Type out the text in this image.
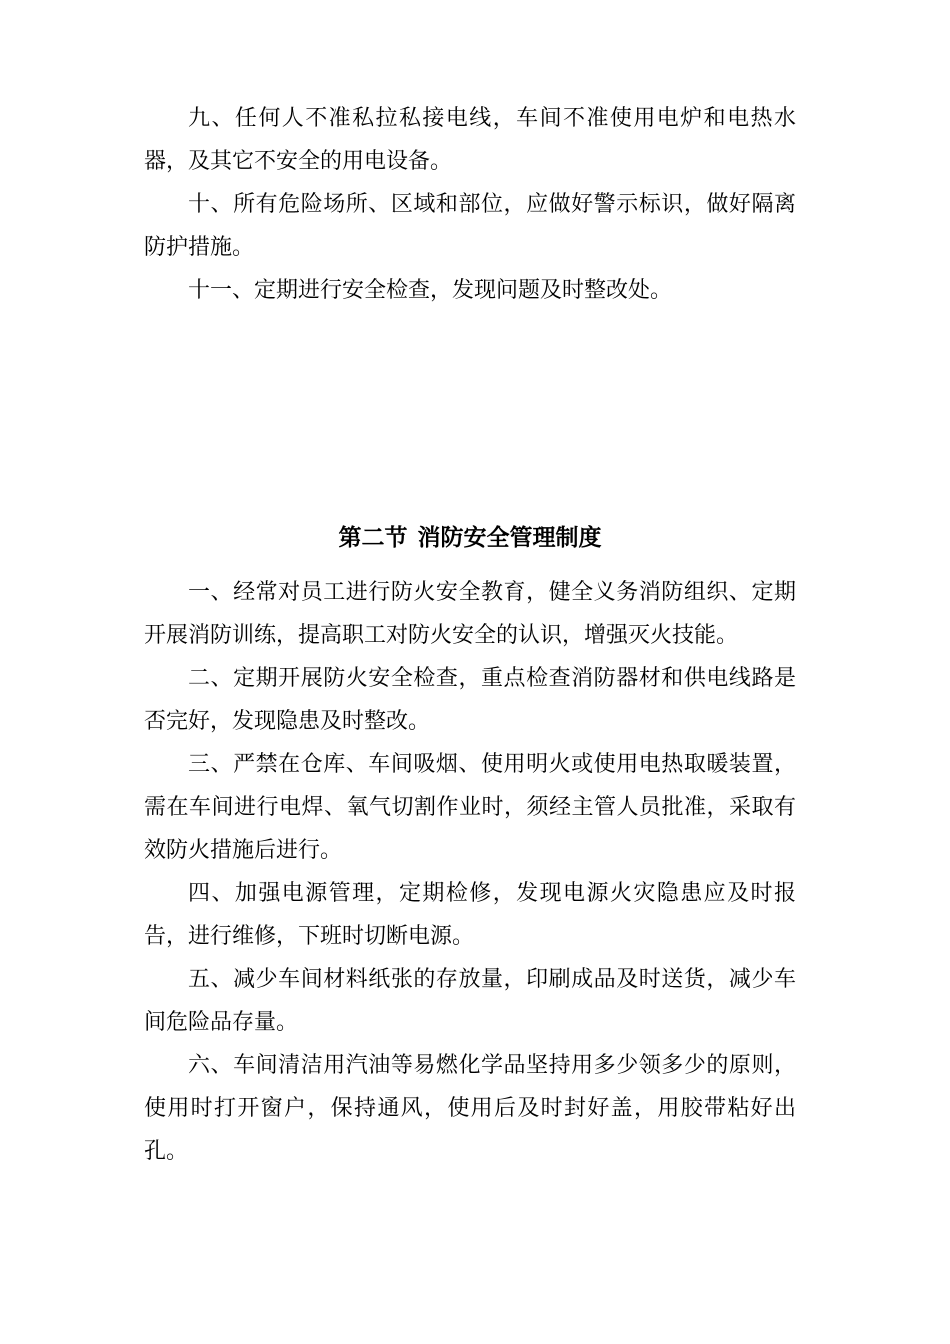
九、任何人不准私拉私接电线，车间不准使用电炉和电热水器，及其它不安全的用电设备。

十、所有危险场所、区域和部位，应做好警示标识，做好隔离防护措施。

十一、定期进行安全检查，发现问题及时整改处。

第二节 消防安全管理制度

一、经常对员工进行防火安全教育，健全义务消防组织、定期开展消防训练，提高职工对防火安全的认识，增强灭火技能。

二、定期开展防火安全检查，重点检查消防器材和供电线路是否完好，发现隐患及时整改。

三、严禁在仓库、车间吸烟、使用明火或使用电热取暖装置，需在车间进行电焊、氧气切割作业时，须经主管人员批准，采取有效防火措施后进行。

四、加强电源管理，定期检修，发现电源火灾隐患应及时报告，进行维修，下班时切断电源。

五、减少车间材料纸张的存放量，印刷成品及时送货，减少车间危险品存量。

六、车间清洁用汽油等易燃化学品坚持用多少领多少的原则，使用时打开窗户，保持通风，使用后及时封好盖，用胶带粘好出孔。
